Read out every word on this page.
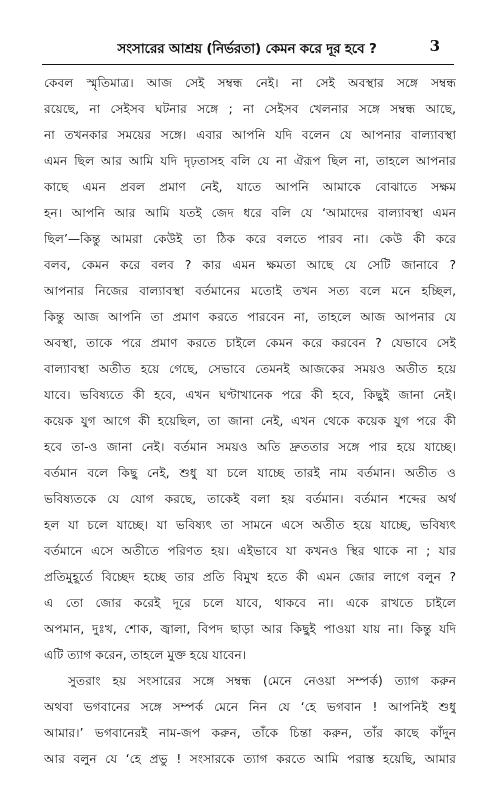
সংসারের আশ্রয় (নির্ভরতা) কেমন করে দূর হবে ?	3
কেবল স্মৃতিমাত্র। আজ সেই সম্বন্ধ নেই। না সেই অবস্থার সঙ্গে সম্বন্ধ
রয়েছে, না সেইসব ঘটনার সঙ্গে ; না সেইসব খেলনার সঙ্গে সম্বন্ধ আছে,
না তখনকার সময়ের সঙ্গে। এবার আপনি যদি বলেন যে আপনার বাল্যাবস্থা
এমন ছিল আর আমি যদি দৃঢ়তাসহ বলি যে না ঐরূপ ছিল না, তাহলে আপনার
কাছে এমন প্রবল প্রমাণ নেই, যাতে আপনি আমাকে বোঝাতে সক্ষম
হন। আপনি আর আমি যতই জেদ ধরে বলি যে ‘আমাদের বাল্যাবস্থা এমন
ছিল’—কিন্তু আমরা কেউই তা ঠিক করে বলতে পারব না। কেউ কী করে
বলব, কেমন করে বলব ? কার এমন ক্ষমতা আছে যে সেটি জানাবে ?
আপনার নিজের বাল্যাবস্থা বর্তমানের মতোই তখন সত্য বলে মনে হচ্ছিল,
কিন্তু আজ আপনি তা প্রমাণ করতে পারবেন না, তাহলে আজ আপনার যে
অবস্থা, তাকে পরে প্রমাণ করতে চাইলে কেমন করে করবেন ? যেভাবে সেই
বাল্যাবস্থা অতীত হয়ে গেছে, সেভাবে তেমনই আজকের সময়ও অতীত হয়ে
যাবে। ভবিষ্যতে কী হবে, এখন ঘণ্টাখানেক পরে কী হবে, কিছুই জানা নেই।
কয়েক যুগ আগে কী হয়েছিল, তা জানা নেই, এখন থেকে কয়েক যুগ পরে কী
হবে তা-ও জানা নেই। বর্তমান সময়ও অতি দ্রুততার সঙ্গে পার হয়ে যাচ্ছে।
বর্তমান বলে কিছু নেই, শুধু যা চলে যাচ্ছে তারই নাম বর্তমান। অতীত ও
ভবিষ্যতকে যে যোগ করছে, তাকেই বলা হয় বর্তমান। বর্তমান শব্দের অর্থ
হল যা চলে যাচ্ছে। যা ভবিষ্যৎ তা সামনে এসে অতীত হয়ে যাচ্ছে, ভবিষ্যৎ
বর্তমানে এসে অতীতে পরিণত হয়। এইভাবে যা কখনও স্থির থাকে না ; যার
প্রতিমুহূর্তে বিচ্ছেদ হচ্ছে তার প্রতি বিমুখ হতে কী এমন জোর লাগে বলুন ?
এ তো জোর করেই দূরে চলে যাবে, থাকবে না। একে রাখতে চাইলে
অপমান, দুঃখ, শোক, জ্বালা, বিপদ ছাড়া আর কিছুই পাওয়া যায় না। কিন্তু যদি
এটি ত্যাগ করেন, তাহলে মুক্ত হয়ে যাবেন।
সুতরাং হয় সংসারের সঙ্গে সম্বন্ধ (মেনে নেওয়া সম্পর্ক) ত্যাগ করুন
অথবা ভগবানের সঙ্গে সম্পর্ক মেনে নিন যে ‘হে ভগবান ! আপনিই শুধু
আমার।’ ভগবানেরই নাম-জপ করুন, তাঁকে চিন্তা করুন, তাঁর কাছে কাঁদুন
আর বলুন যে ‘হে প্রভু ! সংসারকে ত্যাগ করতে আমি পরাস্ত হয়েছি, আমার
